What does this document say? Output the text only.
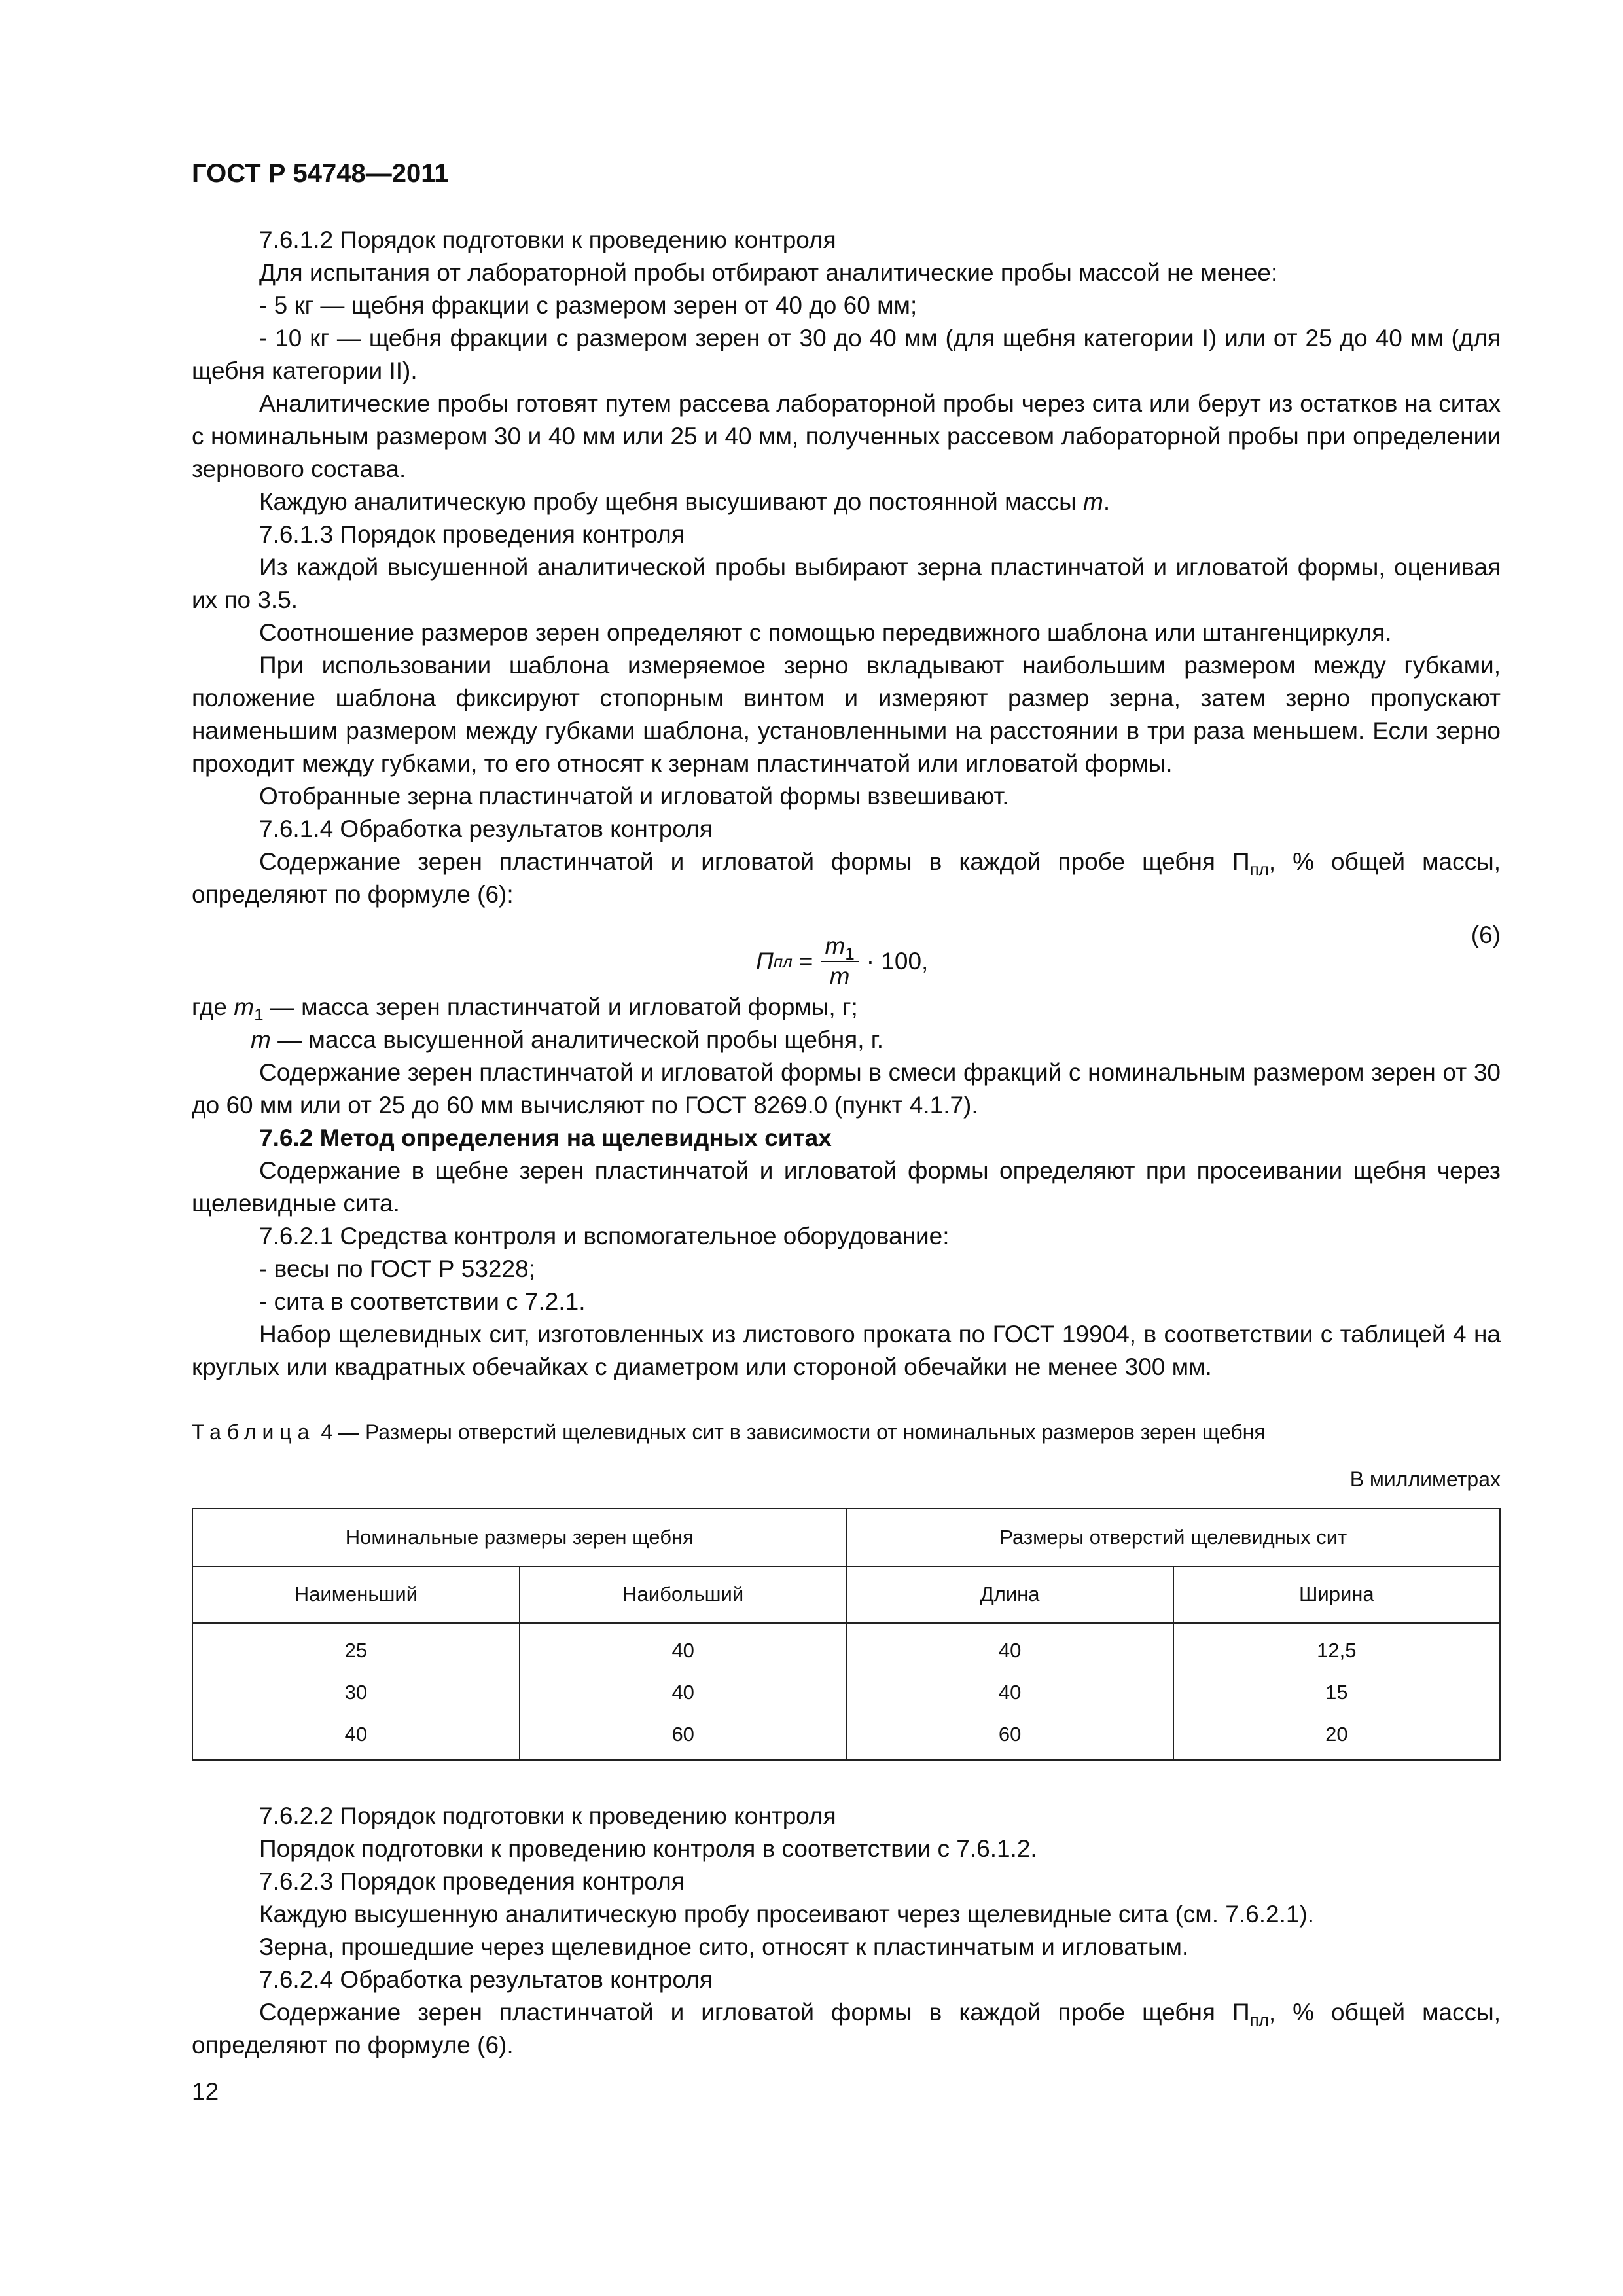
ГОСТ Р 54748—2011

7.6.1.2 Порядок подготовки к проведению контроля

Для испытания от лабораторной пробы отбирают аналитические пробы массой не менее:

- 5 кг — щебня фракции с размером зерен от 40 до 60 мм;

- 10 кг — щебня фракции с размером зерен от 30 до 40 мм (для щебня категории I) или от 25 до 40 мм (для щебня категории II).

Аналитические пробы готовят путем рассева лабораторной пробы через сита или берут из остатков на ситах с номинальным размером 30 и 40 мм или 25 и 40 мм, полученных рассевом лабораторной пробы при определении зернового состава.

Каждую аналитическую пробу щебня высушивают до постоянной массы m.

7.6.1.3 Порядок проведения контроля

Из каждой высушенной аналитической пробы выбирают зерна пластинчатой и игловатой формы, оценивая их по 3.5.

Соотношение размеров зерен определяют с помощью передвижного шаблона или штангенциркуля.

При использовании шаблона измеряемое зерно вкладывают наибольшим размером между губками, положение шаблона фиксируют стопорным винтом и измеряют размер зерна, затем зерно пропускают наименьшим размером между губками шаблона, установленными на расстоянии в три раза меньшем. Если зерно проходит между губками, то его относят к зернам пластинчатой или игловатой формы.

Отобранные зерна пластинчатой и игловатой формы взвешивают.

7.6.1.4 Обработка результатов контроля

Содержание зерен пластинчатой и игловатой формы в каждой пробе щебня $П_{пл}$, % общей массы, определяют по формуле (6):

П пл = $\frac{m_1}{m} \cdot 100$,
(6)

где $m_1$ — масса зерен пластинчатой и игловатой формы, г;

m — масса высушенной аналитической пробы щебня, г.

Содержание зерен пластинчатой и игловатой формы в смеси фракций с номинальным размером зерен от 30 до 60 мм или от 25 до 60 мм вычисляют по ГОСТ 8269.0 (пункт 4.1.7).

7.6.2 Метод определения на щелевидных ситах

Содержание в щебне зерен пластинчатой и игловатой формы определяют при просеивании щебня через щелевидные сита.

7.6.2.1 Средства контроля и вспомогательное оборудование:

- весы по ГОСТ Р 53228;

- сита в соответствии с 7.2.1.

Набор щелевидных сит, изготовленных из листового проката по ГОСТ 19904, в соответствии с таблицей 4 на круглых или квадратных обечайках с диаметром или стороной обечайки не менее 300 мм.

Таблица 4 — Размеры отверстий щелевидных сит в зависимости от номинальных размеров зерен щебня
В миллиметрах
Номинальные размеры зерен щебня		Размеры отверстий щелевидных сит	
Наименьший	Наибольший	Длина	Ширина
25	40	40	12,5
30	40	40	15
40	60	60	20

7.6.2.2 Порядок подготовки к проведению контроля

Порядок подготовки к проведению контроля в соответствии с 7.6.1.2.

7.6.2.3 Порядок проведения контроля

Каждую высушенную аналитическую пробу просеивают через щелевидные сита (см. 7.6.2.1).

Зерна, прошедшие через щелевидное сито, относят к пластинчатым и игловатым.

7.6.2.4 Обработка результатов контроля

Содержание зерен пластинчатой и игловатой формы в каждой пробе щебня $П_{пл}$, % общей массы, определяют по формуле (6).

12
